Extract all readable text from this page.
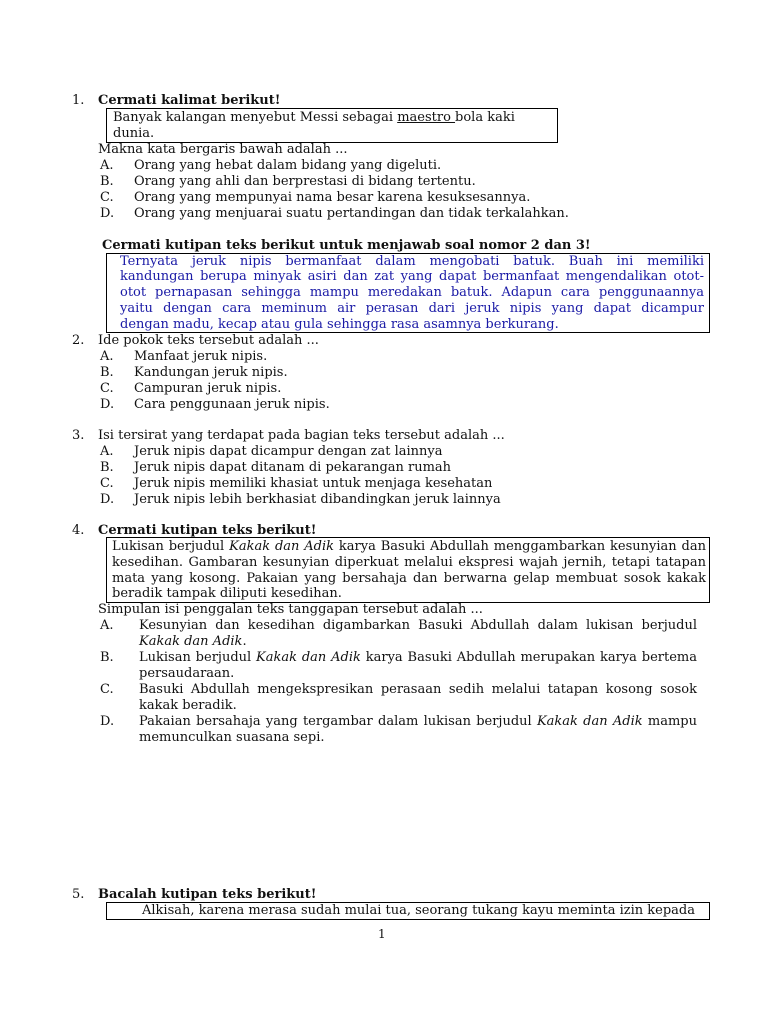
1. Cermati kalimat berikut!
Banyak kalangan menyebut Messi sebagai maestro bola kaki
dunia.
Makna kata bergaris bawah adalah ...
A. Orang yang hebat dalam bidang yang digeluti.
B. Orang yang ahli dan berprestasi di bidang tertentu.
C. Orang yang mempunyai nama besar karena kesuksesannya.
D. Orang yang menjuarai suatu pertandingan dan tidak terkalahkan.
Cermati kutipan teks berikut untuk menjawab soal nomor 2 dan 3!
Ternyata jeruk nipis bermanfaat dalam mengobati batuk. Buah ini memiliki
kandungan berupa minyak asiri dan zat yang dapat bermanfaat mengendalikan otot-
otot pernapasan sehingga mampu meredakan batuk. Adapun cara penggunaannya
yaitu dengan cara meminum air perasan dari jeruk nipis yang dapat dicampur
dengan madu, kecap atau gula sehingga rasa asamnya berkurang.
2. Ide pokok teks tersebut adalah ...
A. Manfaat jeruk nipis.
B. Kandungan jeruk nipis.
C. Campuran jeruk nipis.
D. Cara penggunaan jeruk nipis.
3. Isi tersirat yang terdapat pada bagian teks tersebut adalah ...
A. Jeruk nipis dapat dicampur dengan zat lainnya
B. Jeruk nipis dapat ditanam di pekarangan rumah
C. Jeruk nipis memiliki khasiat untuk menjaga kesehatan
D. Jeruk nipis lebih berkhasiat dibandingkan jeruk lainnya
4. Cermati kutipan teks berikut!
Lukisan berjudul Kakak dan Adik karya Basuki Abdullah menggambarkan kesunyian dan
kesedihan. Gambaran kesunyian diperkuat melalui ekspresi wajah jernih, tetapi tatapan
mata yang kosong. Pakaian yang bersahaja dan berwarna gelap membuat sosok kakak
beradik tampak diliputi kesedihan.
Simpulan isi penggalan teks tanggapan tersebut adalah ...
A. Kesunyian dan kesedihan digambarkan Basuki Abdullah dalam lukisan berjudul
Kakak dan Adik.
B. Lukisan berjudul Kakak dan Adik karya Basuki Abdullah merupakan karya bertema
persaudaraan.
C. Basuki Abdullah mengekspresikan perasaan sedih melalui tatapan kosong sosok
kakak beradik.
D. Pakaian bersahaja yang tergambar dalam lukisan berjudul Kakak dan Adik mampu
memunculkan suasana sepi.
5. Bacalah kutipan teks berikut!
Alkisah, karena merasa sudah mulai tua, seorang tukang kayu meminta izin kepada
1
